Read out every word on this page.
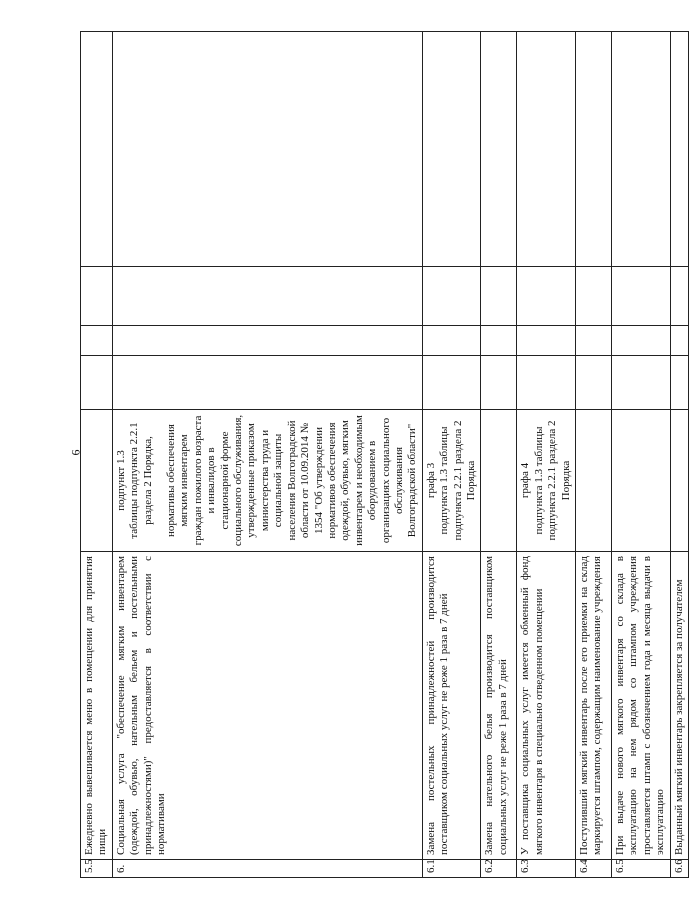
6
5.5	Ежедневно вывешивается меню в помещении для принятия пищи					
6.	Социальная услуга "обеспечение мягким инвентарем (одеждой, обувью, нательным бельем и постельными принадлежностями)" предоставляется в соответствии с нормативами	подпункт 1.3 таблицы подпункта 2.2.1 раздела 2 Порядка, нормативы обеспечения мягким инвентарем граждан пожилого возраста и инвалидов в стационарной форме социального обслуживания, утвержденные приказом министерства труда и социальной защиты населения Волгоградской области от 10.09.2014 № 1354 "Об утверждении нормативов обеспечения одеждой, обувью, мягким инвентарем и необходимым оборудованием в организациях социального обслуживания Волгоградской области"				

6.1	Замена постельных принадлежностей производится поставщиком социальных услуг не реже 1 раза в 7 дней	графа 3 подпункта 1.3 таблицы подпункта 2.2.1 раздела 2 Порядка				

6.2	Замена нательного белья производится поставщиком социальных услуг не реже 1 раза в 7 дней					
6.3	У поставщика социальных услуг имеется обменный фонд мягкого инвентаря в специально отведенном помещении	графа 4 подпункта 1.3 таблицы подпункта 2.2.1 раздела 2 Порядка				

6.4	Поступивший мягкий инвентарь после его приемки на склад маркируется штампом, содержащим наименование учреждения					
6.5	При выдаче нового мягкого инвентаря со склада в эксплуатацию на нем рядом со штампом учреждения проставляется штамп с обозначением года и месяца выдачи в эксплуатацию					
6.6	Выданный мягкий инвентарь закрепляется за получателем					
